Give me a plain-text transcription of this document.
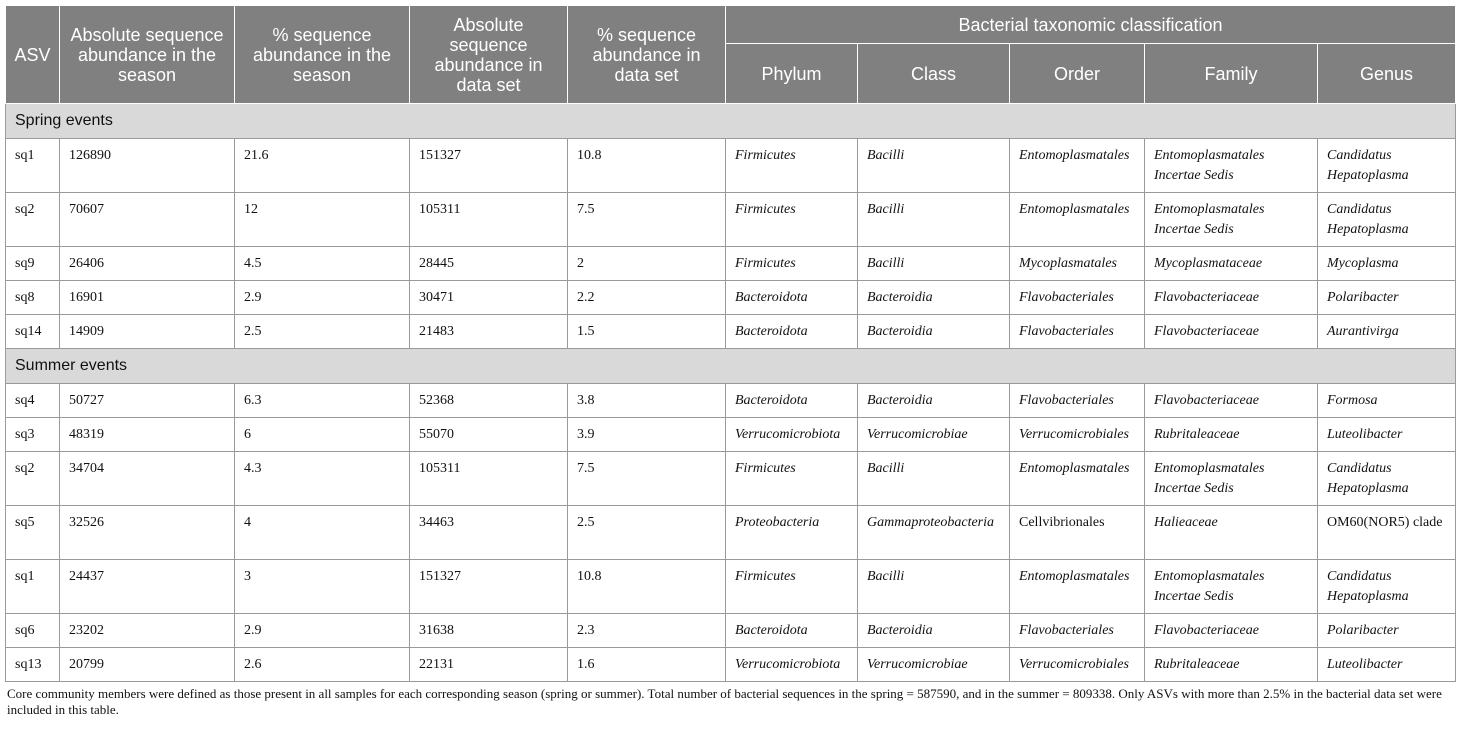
ASV	Absolute sequence abundance in the season	% sequence abundance in the season	Absolute sequence abundance in data set	% sequence abundance in data set	Bacterial taxonomic classification				
					Phylum	Class	Order	Family	Genus
Spring events									
sq1	126890	21.6	151327	10.8	Firmicutes	Bacilli	Entomoplasmatales	Entomoplasmatales Incertae Sedis	Candidatus Hepatoplasma
sq2	70607	12	105311	7.5	Firmicutes	Bacilli	Entomoplasmatales	Entomoplasmatales Incertae Sedis	Candidatus Hepatoplasma
sq9	26406	4.5	28445	2	Firmicutes	Bacilli	Mycoplasmatales	Mycoplasmataceae	Mycoplasma
sq8	16901	2.9	30471	2.2	Bacteroidota	Bacteroidia	Flavobacteriales	Flavobacteriaceae	Polaribacter
sq14	14909	2.5	21483	1.5	Bacteroidota	Bacteroidia	Flavobacteriales	Flavobacteriaceae	Aurantivirga
Summer events									
sq4	50727	6.3	52368	3.8	Bacteroidota	Bacteroidia	Flavobacteriales	Flavobacteriaceae	Formosa
sq3	48319	6	55070	3.9	Verrucomicrobiota	Verrucomicrobiae	Verrucomicrobiales	Rubritaleaceae	Luteolibacter
sq2	34704	4.3	105311	7.5	Firmicutes	Bacilli	Entomoplasmatales	Entomoplasmatales Incertae Sedis	Candidatus Hepatoplasma
sq5	32526	4	34463	2.5	Proteobacteria	Gammaproteobacteria	Cellvibrionales	Halieaceae	OM60(NOR5) clade
sq1	24437	3	151327	10.8	Firmicutes	Bacilli	Entomoplasmatales	Entomoplasmatales Incertae Sedis	Candidatus Hepatoplasma
sq6	23202	2.9	31638	2.3	Bacteroidota	Bacteroidia	Flavobacteriales	Flavobacteriaceae	Polaribacter
sq13	20799	2.6	22131	1.6	Verrucomicrobiota	Verrucomicrobiae	Verrucomicrobiales	Rubritaleaceae	Luteolibacter
Core community members were defined as those present in all samples for each corresponding season (spring or summer). Total number of bacterial sequences in the spring = 587590, and in the summer = 809338. Only ASVs with more than 2.5% in the bacterial data set were included in this table.
